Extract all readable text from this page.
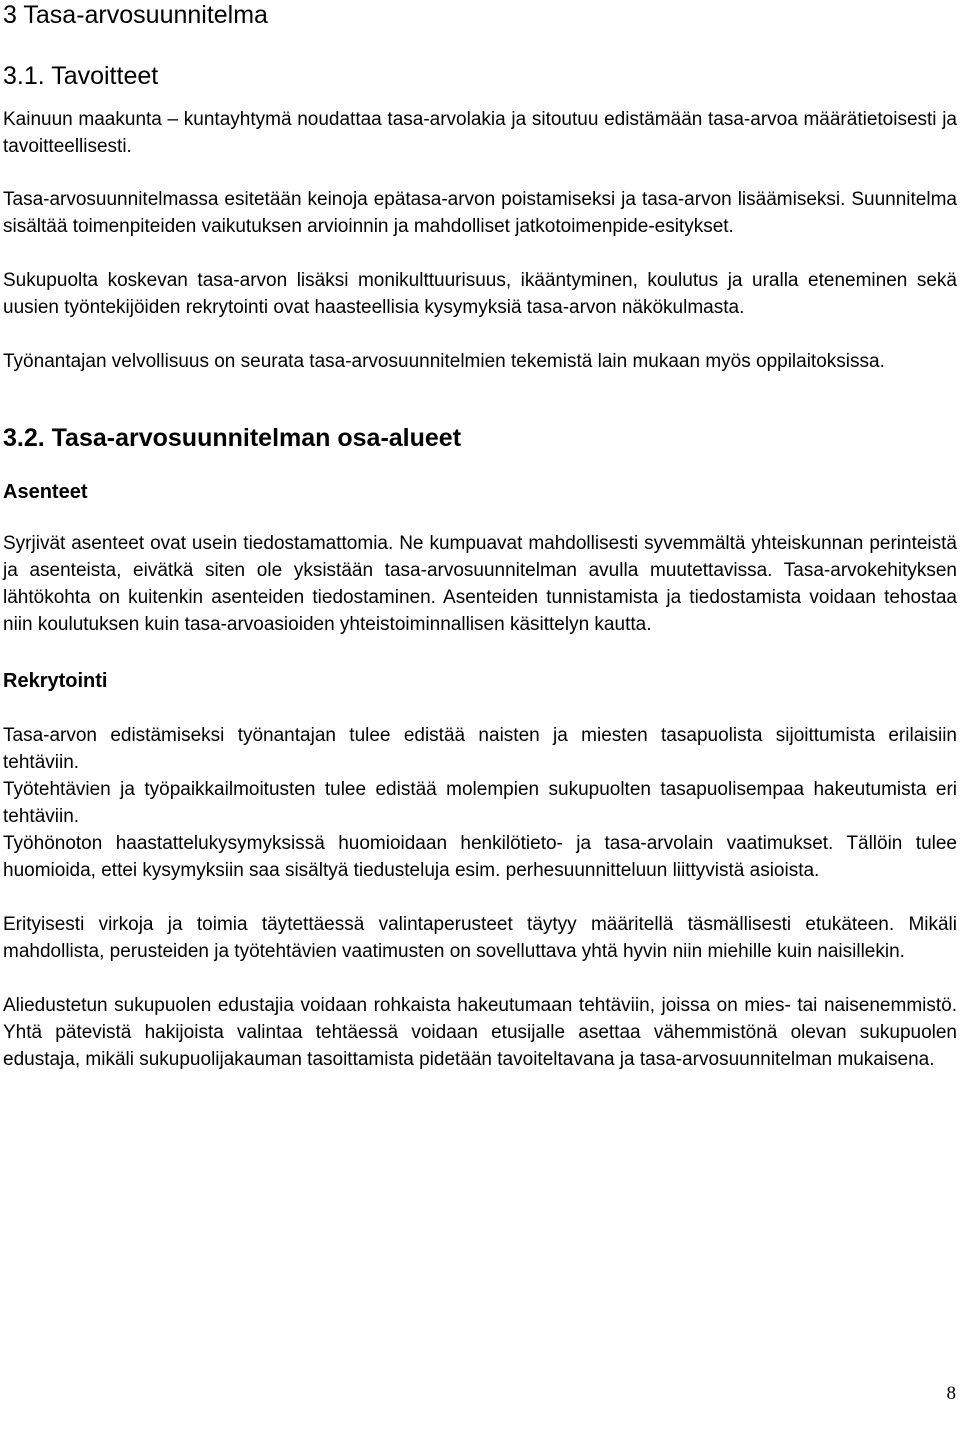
3 Tasa-arvosuunnitelma
3.1. Tavoitteet

Kainuun maakunta – kuntayhtymä noudattaa tasa-arvolakia ja sitoutuu edistämään tasa-arvoa määrätietoisesti ja tavoitteellisesti.

Tasa-arvosuunnitelmassa esitetään keinoja epätasa-arvon poistamiseksi ja tasa-arvon lisäämiseksi. Suunnitelma sisältää toimenpiteiden vaikutuksen arvioinnin ja mahdolliset jatkotoimenpide-esitykset.

Sukupuolta koskevan tasa-arvon lisäksi monikulttuurisuus, ikääntyminen, koulutus ja uralla eteneminen sekä uusien työntekijöiden rekrytointi ovat haasteellisia kysymyksiä tasa-arvon näkökulmasta.

Työnantajan velvollisuus on seurata tasa-arvosuunnitelmien tekemistä lain mukaan myös oppilaitoksissa.

3.2. Tasa-arvosuunnitelman osa-alueet
Asenteet

Syrjivät asenteet ovat usein tiedostamattomia. Ne kumpuavat mahdollisesti syvemmältä yhteiskunnan perinteistä ja asenteista, eivätkä siten ole yksistään tasa-arvosuunnitelman avulla muutettavissa. Tasa-arvokehityksen lähtökohta on kuitenkin asenteiden tiedostaminen. Asenteiden tunnistamista ja tiedostamista voidaan tehostaa niin koulutuksen kuin tasa-arvoasioiden yhteistoiminnallisen käsittelyn kautta.

Rekrytointi

Tasa-arvon edistämiseksi työnantajan tulee edistää naisten ja miesten tasapuolista sijoittumista erilaisiin tehtäviin.

Työtehtävien ja työpaikkailmoitusten tulee edistää molempien sukupuolten tasapuolisempaa hakeutumista eri tehtäviin.

Työhönoton haastattelukysymyksissä huomioidaan henkilötieto- ja tasa-arvolain vaatimukset. Tällöin tulee huomioida, ettei kysymyksiin saa sisältyä tiedusteluja esim. perhesuunnitteluun liittyvistä asioista.

Erityisesti virkoja ja toimia täytettäessä valintaperusteet täytyy määritellä täsmällisesti etukäteen. Mikäli mahdollista, perusteiden ja työtehtävien vaatimusten on sovelluttava yhtä hyvin niin miehille kuin naisillekin.

Aliedustetun sukupuolen edustajia voidaan rohkaista hakeutumaan tehtäviin, joissa on mies- tai naisenemmistö. Yhtä pätevistä hakijoista valintaa tehtäessä voidaan etusijalle asettaa vähemmistönä olevan sukupuolen edustaja, mikäli sukupuolijakauman tasoittamista pidetään tavoiteltavana ja tasa-arvosuunnitelman mukaisena.

8
